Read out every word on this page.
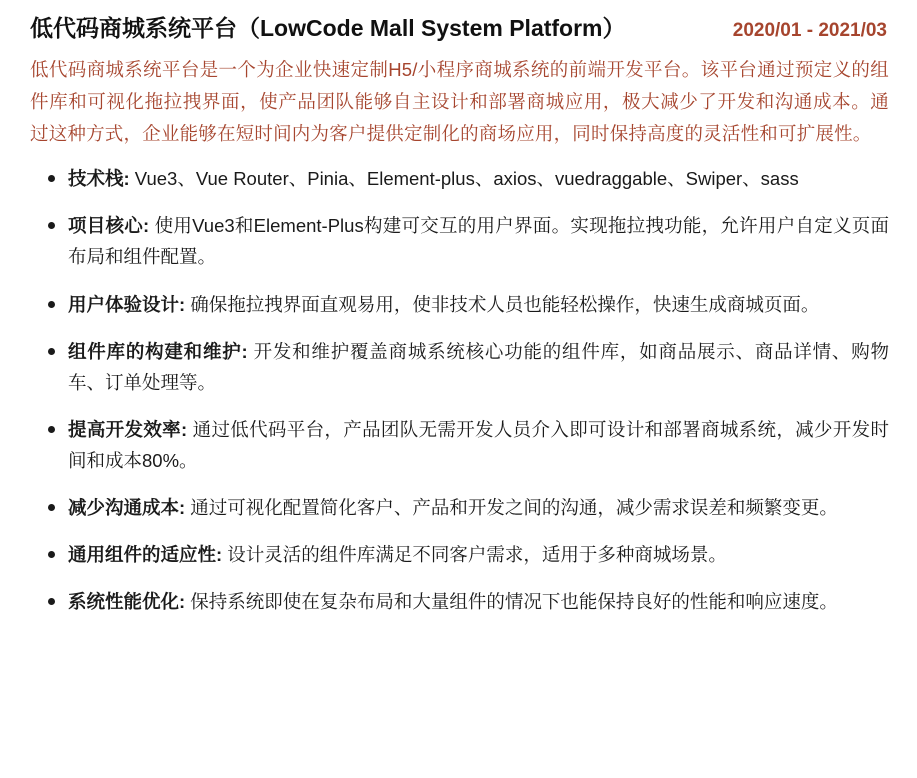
低代码商城系统平台（LowCode Mall System Platform）	2020/01 - 2021/03

低代码商城系统平台是一个为企业快速定制H5/小程序商城系统的前端开发平台。该平台通过预定义的组件库和可视化拖拉拽界面，使产品团队能够自主设计和部署商城应用，极大减少了开发和沟通成本。通过这种方式，企业能够在短时间内为客户提供定制化的商场应用，同时保持高度的灵活性和可扩展性。

技术栈: Vue3、Vue Router、Pinia、Element-plus、axios、vuedraggable、Swiper、sass
项目核心: 使用Vue3和Element-Plus构建可交互的用户界面。实现拖拉拽功能，允许用户自定义页面布局和组件配置。
用户体验设计: 确保拖拉拽界面直观易用，使非技术人员也能轻松操作，快速生成商城页面。
组件库的构建和维护: 开发和维护覆盖商城系统核心功能的组件库，如商品展示、商品详情、购物车、订单处理等。
提高开发效率: 通过低代码平台，产品团队无需开发人员介入即可设计和部署商城系统，减少开发时间和成本80%。
减少沟通成本: 通过可视化配置简化客户、产品和开发之间的沟通，减少需求误差和频繁变更。
通用组件的适应性: 设计灵活的组件库满足不同客户需求，适用于多种商城场景。
系统性能优化: 保持系统即使在复杂布局和大量组件的情况下也能保持良好的性能和响应速度。
